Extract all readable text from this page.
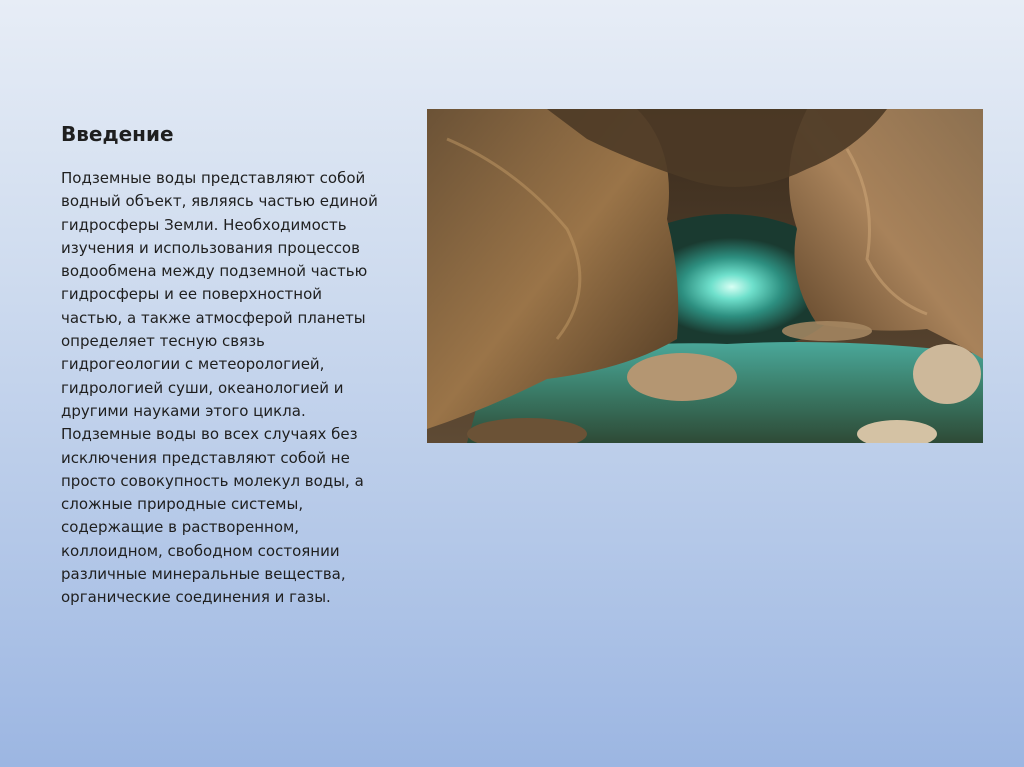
Введение

Подземные воды представляют собой водный объект, являясь частью единой гидросферы Земли. Необходимость изучения и использования процессов водообмена между подземной частью гидросферы и ее поверхностной частью, а также атмосферой планеты определяет тесную связь гидрогеологии с метеорологией, гидрологией суши, океанологией и другими науками этого цикла. Подземные воды во всех случаях без исключения представляют собой не просто совокупность молекул воды, а сложные природные системы, содержащие в растворенном, коллоидном, свободном состоянии различные минеральные вещества, органические соединения и газы.
